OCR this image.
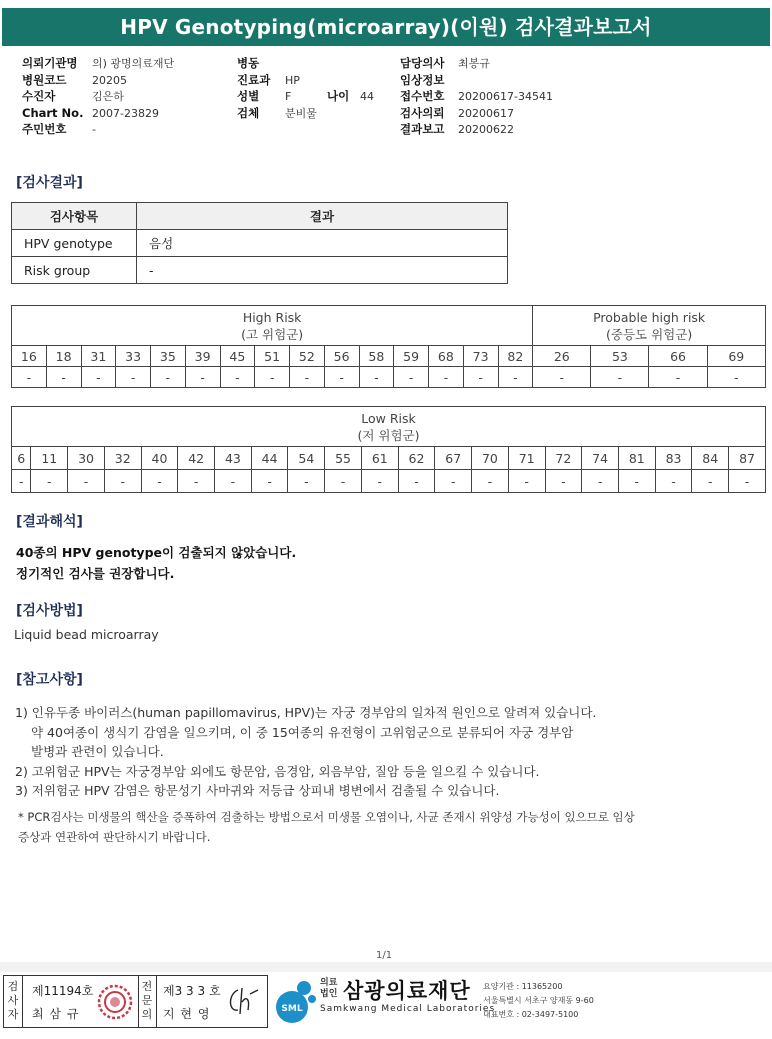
HPV Genotyping(microarray)(이원) 검사결과보고서
의뢰기관명 의) 광명의료재단
병원코드 20205
수진자	김은하
Chart No. 2007-23829
주민번호 -
병동
진료과 HP
성별 F	나이 44
검체 분비물
담당의사 최봉규
임상정보
접수번호 20200617-34541
검사의뢰 20200617
결과보고 20200622
[검사결과]
검사항목	결과
HPV genotype	음성
Risk group	-
High Risk
(고 위험군)															Probable high risk
(중등도 위험군)			
16	18	31	33	35	39	45	51	52	56	58	59	68	73	82	26	53	66	69
-	-	-	-	-	-	-	-	-	-	-	-	-	-	-	-	-	-	-
Low Risk
(저 위험군)																				
6	11	30	32	40	42	43	44	54	55	61	62	67	70	71	72	74	81	83	84	87
-	-	-	-	-	-	-	-	-	-	-	-	-	-	-	-	-	-	-	-	-
[결과해석]
40종의 HPV genotype이 검출되지 않았습니다.
정기적인 검사를 권장합니다.
[검사방법]
Liquid bead microarray
[참고사항]
1) 인유두종 바이러스(human papillomavirus, HPV)는 자궁 경부암의 일차적 원인으로 알려져 있습니다.
약 40여종이 생식기 감염을 일으키며, 이 중 15여종의 유전형이 고위험군으로 분류되어 자궁 경부암
발병과 관련이 있습니다.
2) 고위험군 HPV는 자궁경부암 외에도 항문암, 음경암, 외음부암, 질암 등을 일으킬 수 있습니다.
3) 저위험군 HPV 감염은 항문성기 사마귀와 저등급 상피내 병변에서 검출될 수 있습니다.
* PCR검사는 미생물의 핵산을 증폭하여 검출하는 방법으로서 미생물 오염이나, 사균 존재시 위양성 가능성이 있으므로 임상
증상과 연관하여 판단하시기 바랍니다.
1/1
검
사
자
제11194호
최 삼 규
전
문
의
제3 3 3 호
지 현 영	SML
의료
법인 삼광의료재단
Samkwang Medical Laboratories
요양기관 : 11365200
서울특별시 서초구 양재동 9-60
대표번호 : 02-3497-5100
